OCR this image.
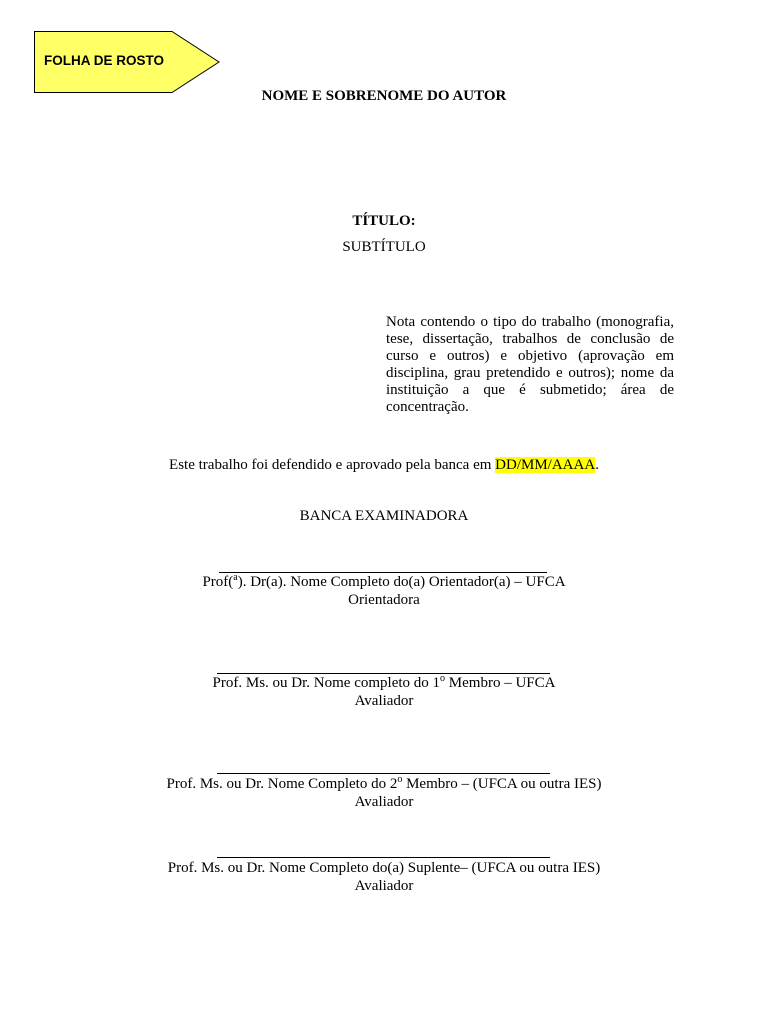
FOLHA DE ROSTO
NOME E SOBRENOME DO AUTOR
TÍTULO:
SUBTÍTULO
Nota contendo o tipo do trabalho (monografia, tese, dissertação, trabalhos de conclusão de curso e outros) e objetivo (aprovação em disciplina, grau pretendido e outros); nome da instituição a que é submetido; área de concentração.
Este trabalho foi defendido e aprovado pela banca em DD/MM/AAAA.
BANCA EXAMINADORA
Prof($^a$). Dr(a). Nome Completo do(a) Orientador(a) – UFCA
Orientadora
Prof. Ms. ou Dr. Nome completo do 1$^o$ Membro – UFCA
Avaliador
Prof. Ms. ou Dr. Nome Completo do 2$^o$ Membro – (UFCA ou outra IES)
Avaliador
Prof. Ms. ou Dr. Nome Completo do(a) Suplente– (UFCA ou outra IES)
Avaliador
